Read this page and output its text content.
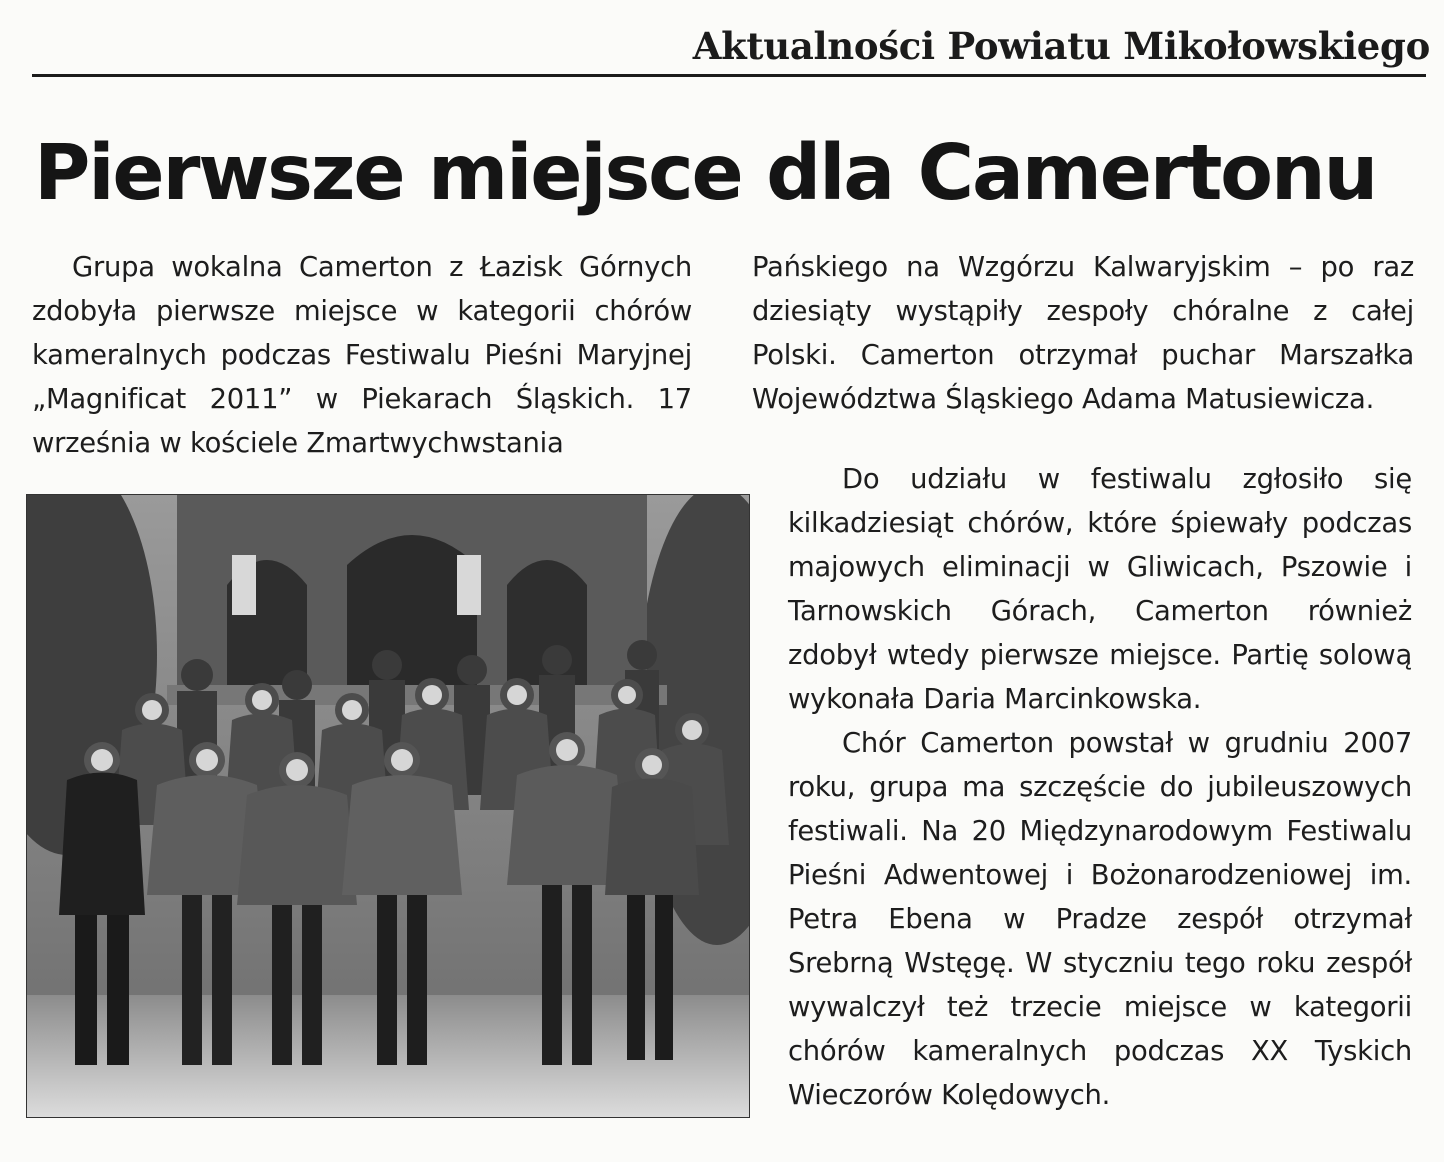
Aktualności Powiatu Mikołowskiego
Pierwsze miejsce dla Camertonu

Grupa wokalna Camerton z Łazisk Górnych zdobyła pierwsze miejsce w kategorii chórów kameralnych podczas Festiwalu Pieśni Maryjnej „Magnificat 2011” w Piekarach Śląskich. 17 września w kościele Zmartwychwstania

Do udziału w festiwalu zgłosiło się kilkadziesiąt chórów, które śpiewały podczas majowych eliminacji w Gliwicach, Pszowie i Tarnowskich Górach, Camerton również zdobył wtedy pierwsze miejsce. Partię solową wykonała Daria Marcinkowska.

Chór Camerton powstał w grudniu 2007 roku, grupa ma szczęście do jubileuszowych festiwali. Na 20 Międzynarodowym Festiwalu Pieśni Adwentowej i Bożonarodzeniowej im. Petra Ebena w Pradze zespół otrzymał Srebrną Wstęgę. W styczniu tego roku zespół wywalczył też trzecie miejsce w kategorii chórów kameralnych podczas XX Tyskich Wieczorów Kolędowych.

Pańskiego na Wzgórzu Kalwaryjskim – po raz dziesiąty wystąpiły zespoły chóralne z całej Polski. Camerton otrzymał puchar Marszałka Województwa Śląskiego Adama Matusiewicza.
